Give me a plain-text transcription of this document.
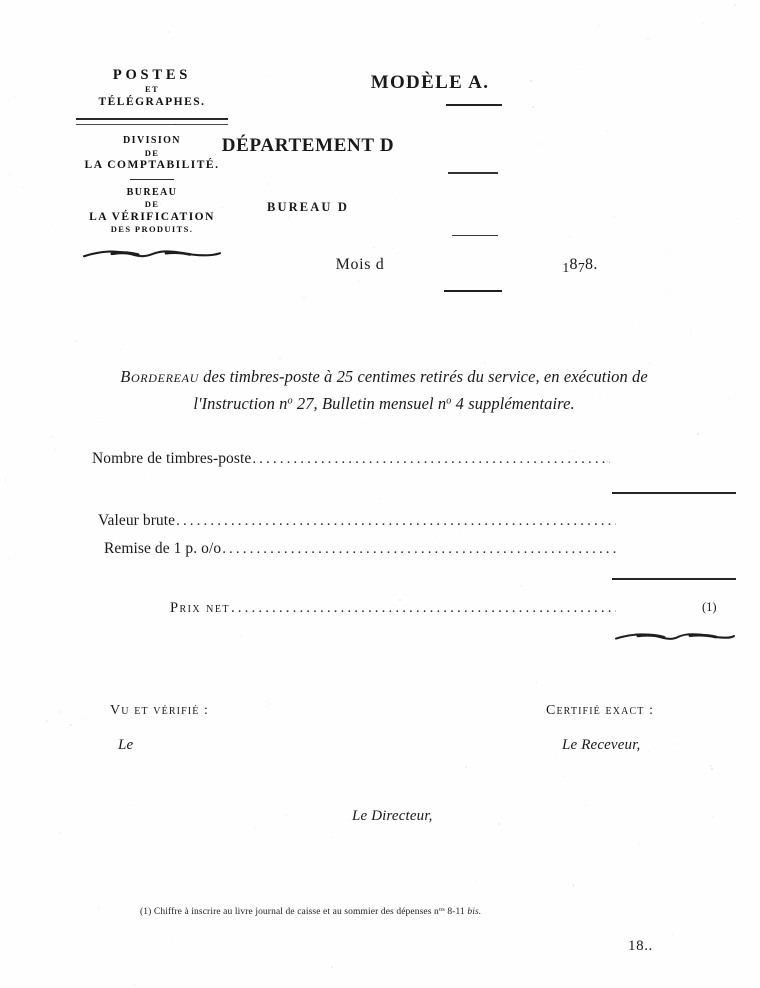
POSTES
ET
TÉLÉGRAPHES.
DIVISION
DE
LA COMPTABILITÉ.
BUREAU
DE
LA VÉRIFICATION
DES PRODUITS.
MODÈLE A.
DÉPARTEMENT D
BUREAU D
Mois d	1878.
Bordereau des timbres-poste à 25 centimes retirés du service, en exécution de
l'Instruction $n^o$ 27, Bulletin mensuel $n^o$ 4 supplémentaire.
Nombre de timbres-poste
.....
Valeur brute
.....
Remise de 1 p. o/o
.....
Prix net .....	(1)
Vu et vérifié :
Le
Certifié exact :
Le Receveur,
Le Directeur,
(1) Chiffre à inscrire au livre journal de caisse et au sommier des dépenses $n^{os}$ 8-11 bis.
18..
